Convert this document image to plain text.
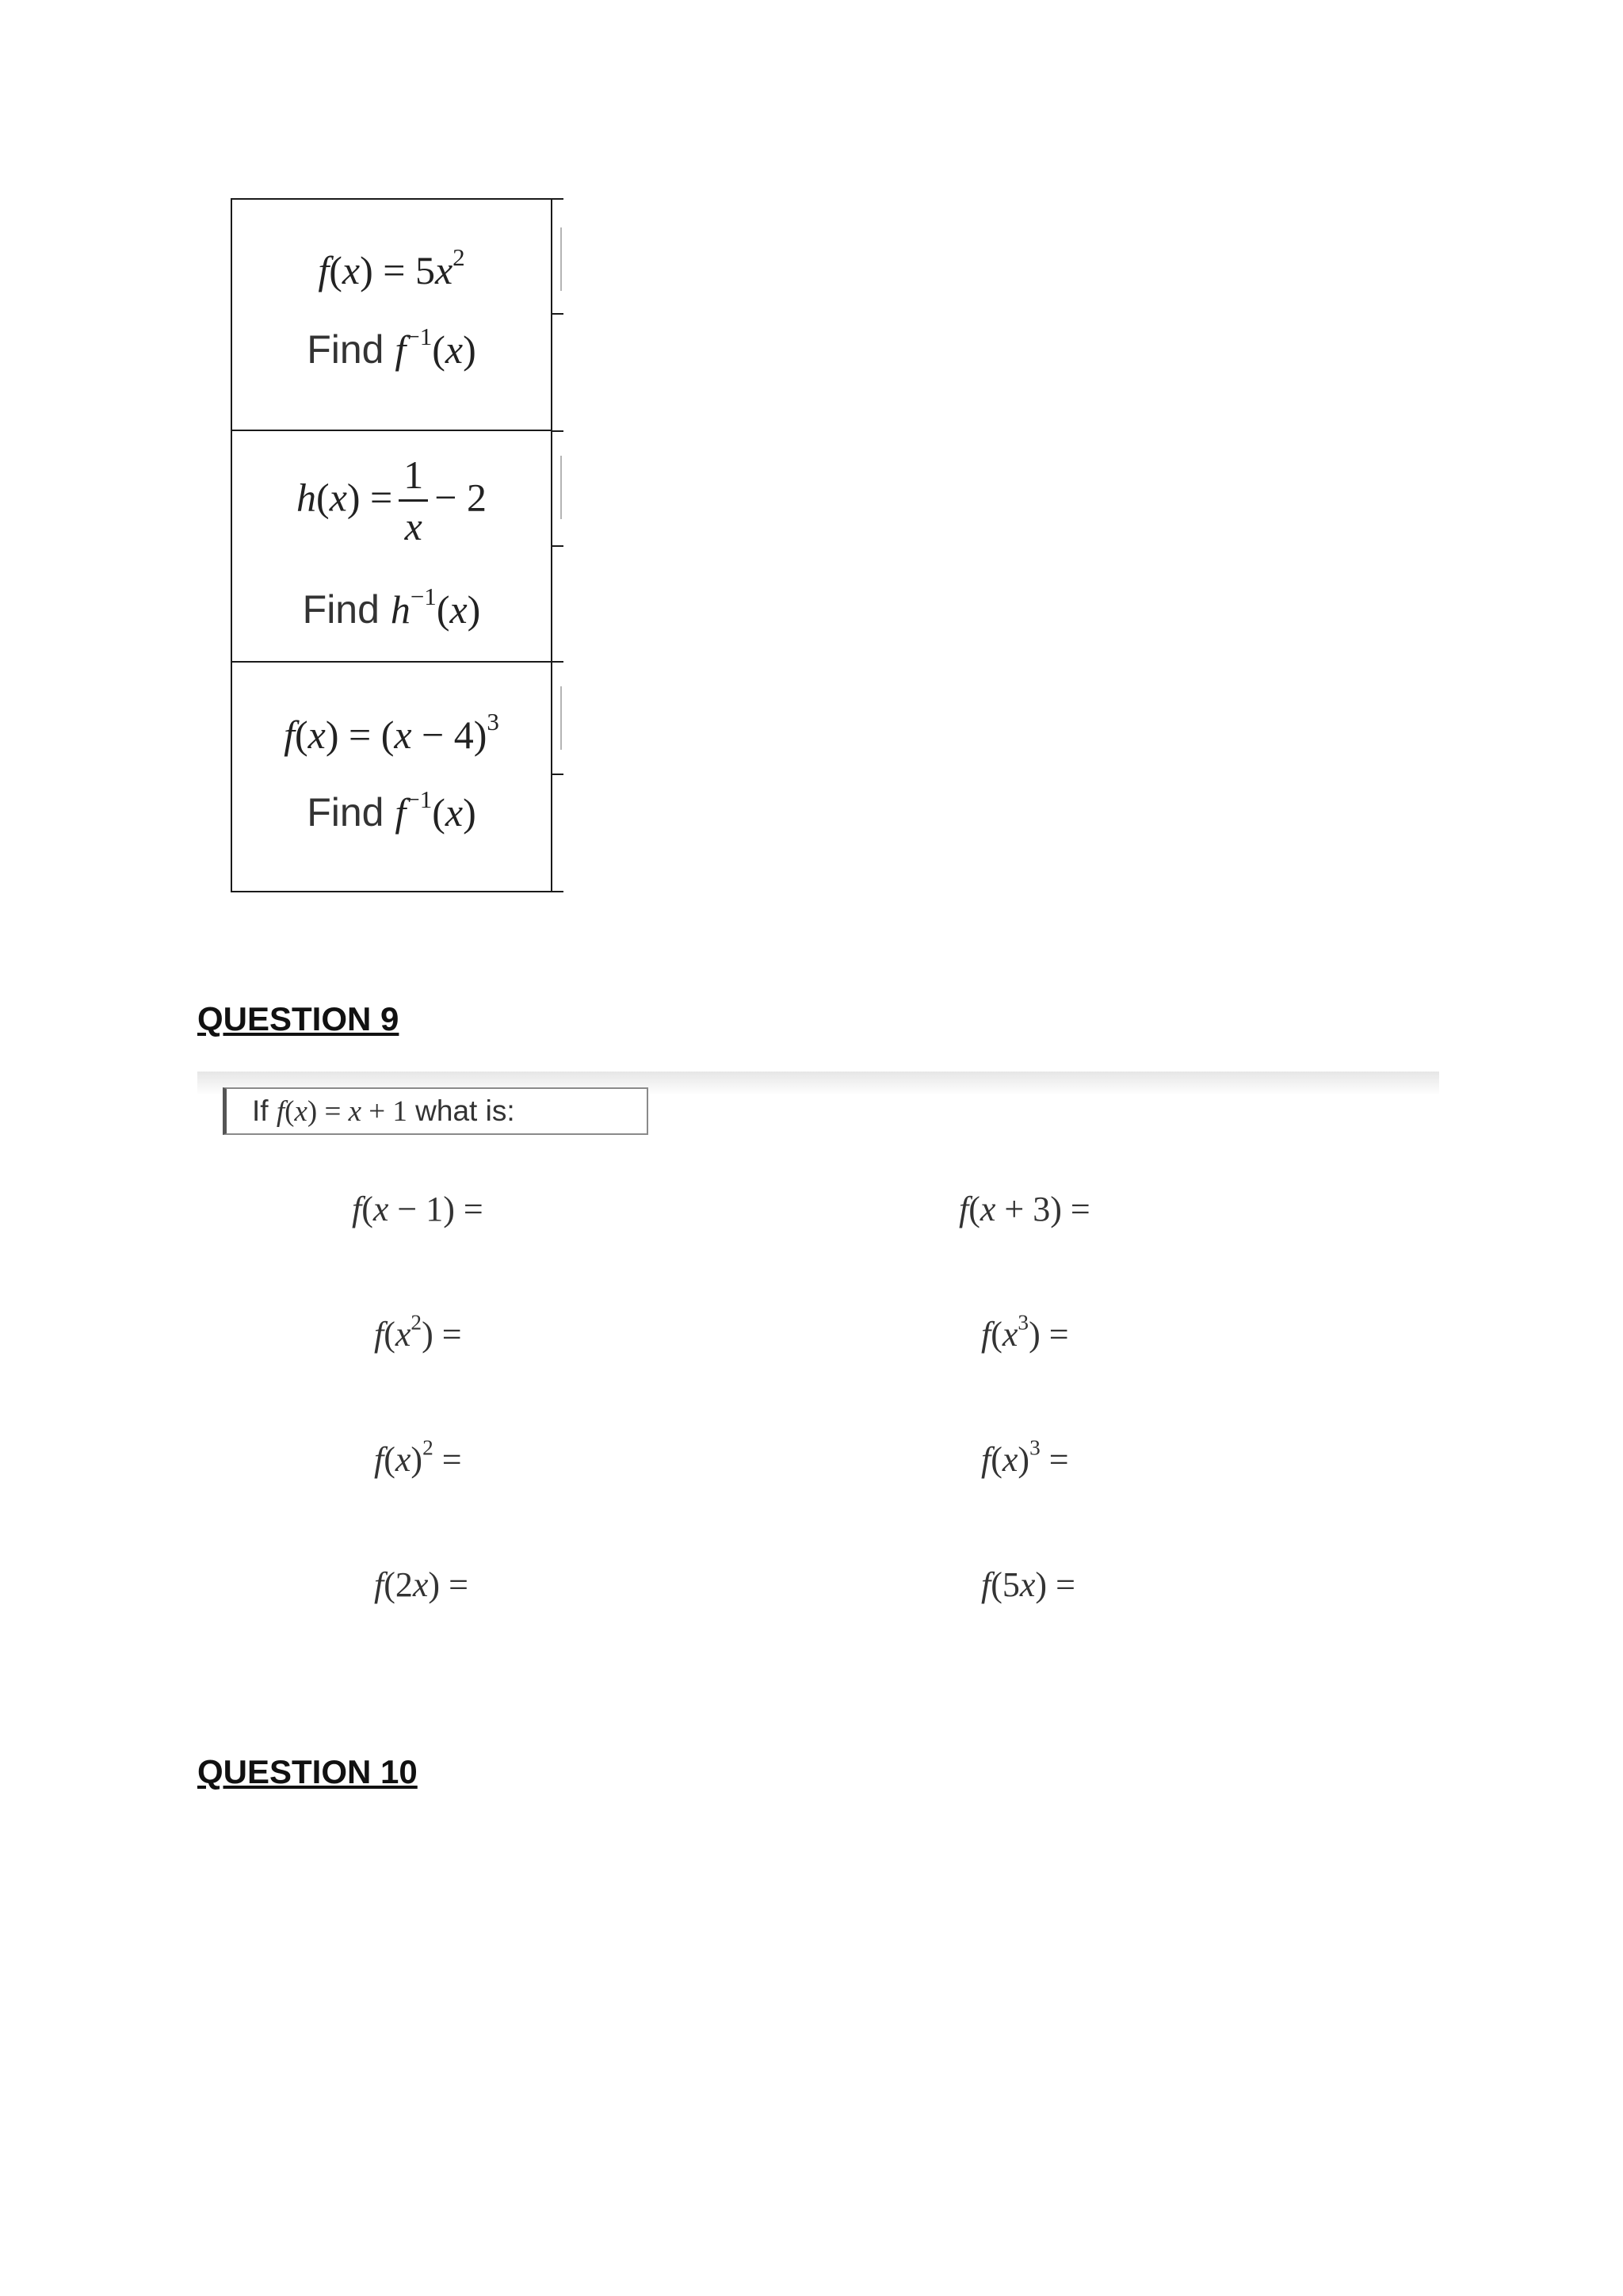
$f(x) = 5x^2$
Find $f^{-1}(x)$
$h(x) = \frac{1}{x} - 2$
Find $h^{-1}(x)$
$f(x) = (x - 4)^3$
Find $f^{-1}(x)$
QUESTION 9
If f(x) = x + 1 what is:
f(x − 1) =	f(x + 3) =
$f(x^2)$ =	$f(x^3)$ =
$f(x)^2$ =	$f(x)^3$ =
f(2x) =	f(5x) =
QUESTION 10
